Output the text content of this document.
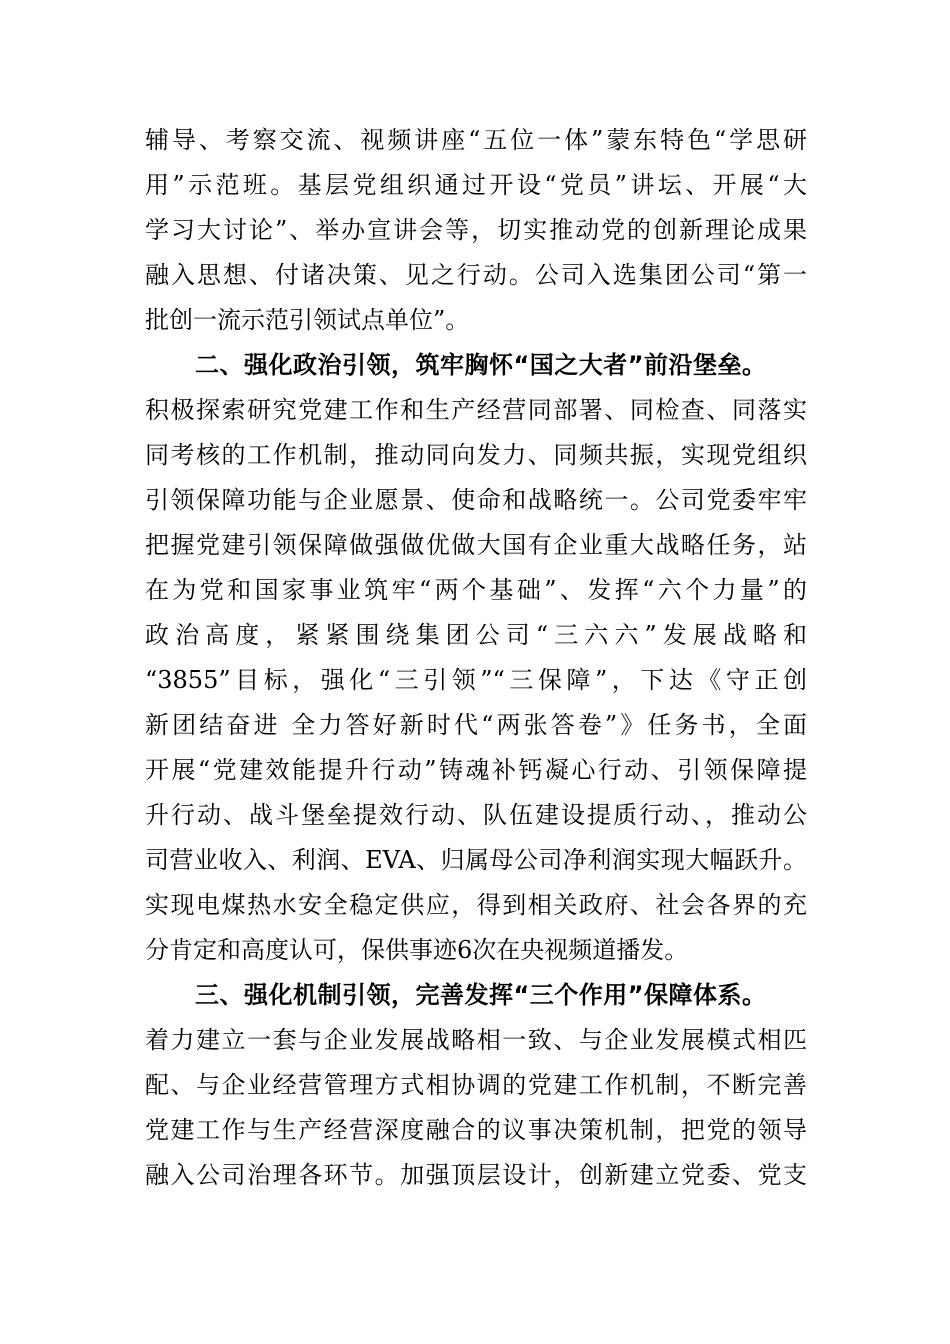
辅导、考察交流、视频讲座“五位一体”蒙东特色“学思研
用”示范班。基层党组织通过开设“党员”讲坛、开展“大
学习大讨论”、举办宣讲会等，切实推动党的创新理论成果
融入思想、付诸决策、见之行动。公司入选集团公司“第一
批创一流示范引领试点单位”。
二、强化政治引领，筑牢胸怀“国之大者”前沿堡垒。
积极探索研究党建工作和生产经营同部署、同检查、同落实
同考核的工作机制，推动同向发力、同频共振，实现党组织
引领保障功能与企业愿景、使命和战略统一。公司党委牢牢
把握党建引领保障做强做优做大国有企业重大战略任务，站
在为党和国家事业筑牢“两个基础”、发挥“六个力量”的
政治高度，紧紧围绕集团公司“三六六”发展战略和
“3855”目标，强化“三引领”“三保障”，下达《守正创
新团结奋进 全力答好新时代“两张答卷”》任务书，全面
开展“党建效能提升行动”铸魂补钙凝心行动、引领保障提
升行动、战斗堡垒提效行动、队伍建设提质行动、，推动公
司营业收入、利润、EVA、归属母公司净利润实现大幅跃升。
实现电煤热水安全稳定供应，得到相关政府、社会各界的充
分肯定和高度认可，保供事迹6次在央视频道播发。
三、强化机制引领，完善发挥“三个作用”保障体系。
着力建立一套与企业发展战略相一致、与企业发展模式相匹
配、与企业经营管理方式相协调的党建工作机制，不断完善
党建工作与生产经营深度融合的议事决策机制，把党的领导
融入公司治理各环节。加强顶层设计，创新建立党委、党支
